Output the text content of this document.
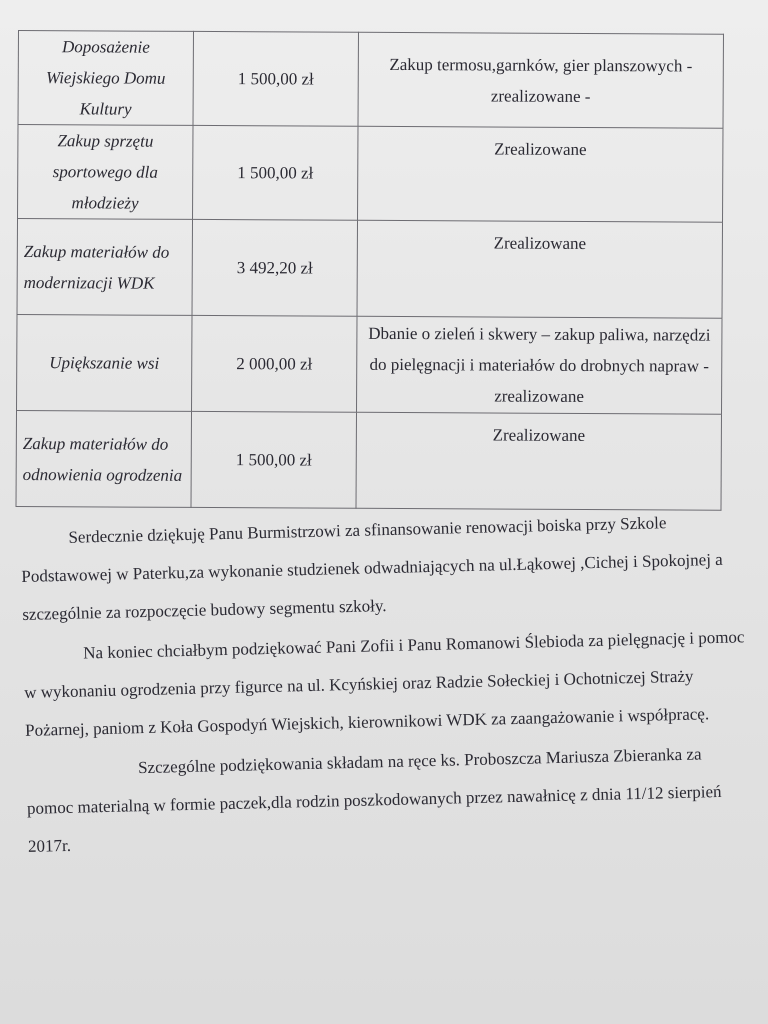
Doposażenie Wiejskiego Domu Kultury	1 500,00 zł	Zakup termosu,garnków, gier planszowych - zrealizowane -
Zakup sprzętu sportowego dla młodzieży	1 500,00 zł	Zrealizowane
Zakup materiałów do modernizacji WDK	3 492,20 zł	Zrealizowane
Upiększanie wsi	2 000,00 zł	Dbanie o zieleń i skwery – zakup paliwa, narzędzi do pielęgnacji i materiałów do drobnych napraw - zrealizowane
Zakup materiałów do odnowienia ogrodzenia	1 500,00 zł	Zrealizowane

Serdecznie dziękuję Panu Burmistrzowi za sfinansowanie renowacji boiska przy Szkole Podstawowej w Paterku,za wykonanie studzienek odwadniających na ul.Łąkowej ,Cichej i Spokojnej a szczególnie za rozpoczęcie budowy segmentu szkoły.

Na koniec chciałbym podziękować Pani Zofii i Panu Romanowi Ślebioda za pielęgnację i pomoc w wykonaniu ogrodzenia przy figurce na ul. Kcyńskiej oraz Radzie Sołeckiej i Ochotniczej Straży Pożarnej, paniom z Koła Gospodyń Wiejskich, kierownikowi WDK za zaangażowanie i współpracę.

Szczególne podziękowania składam na ręce ks. Proboszcza Mariusza Zbieranka za pomoc materialną w formie paczek,dla rodzin poszkodowanych przez nawałnicę z dnia 11/12 sierpień 2017r.
